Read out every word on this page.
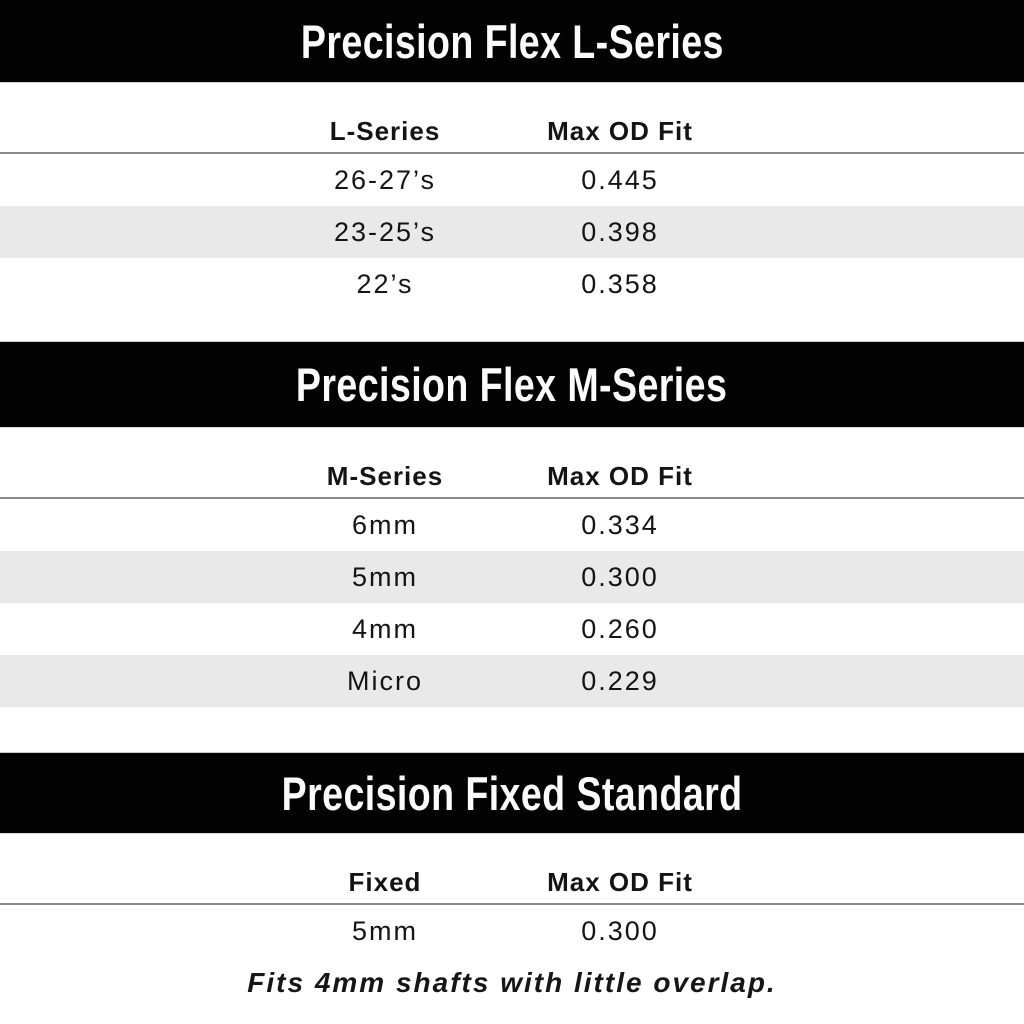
Precision Flex L-Series
L-Series	Max OD Fit
26-27’s	0.445
23-25’s	0.398
22’s	0.358
Precision Flex M-Series
M-Series	Max OD Fit
6mm	0.334
5mm	0.300
4mm	0.260
Micro	0.229
Precision Fixed Standard
Fixed	Max OD Fit
5mm	0.300
Fits 4mm shafts with little overlap.
